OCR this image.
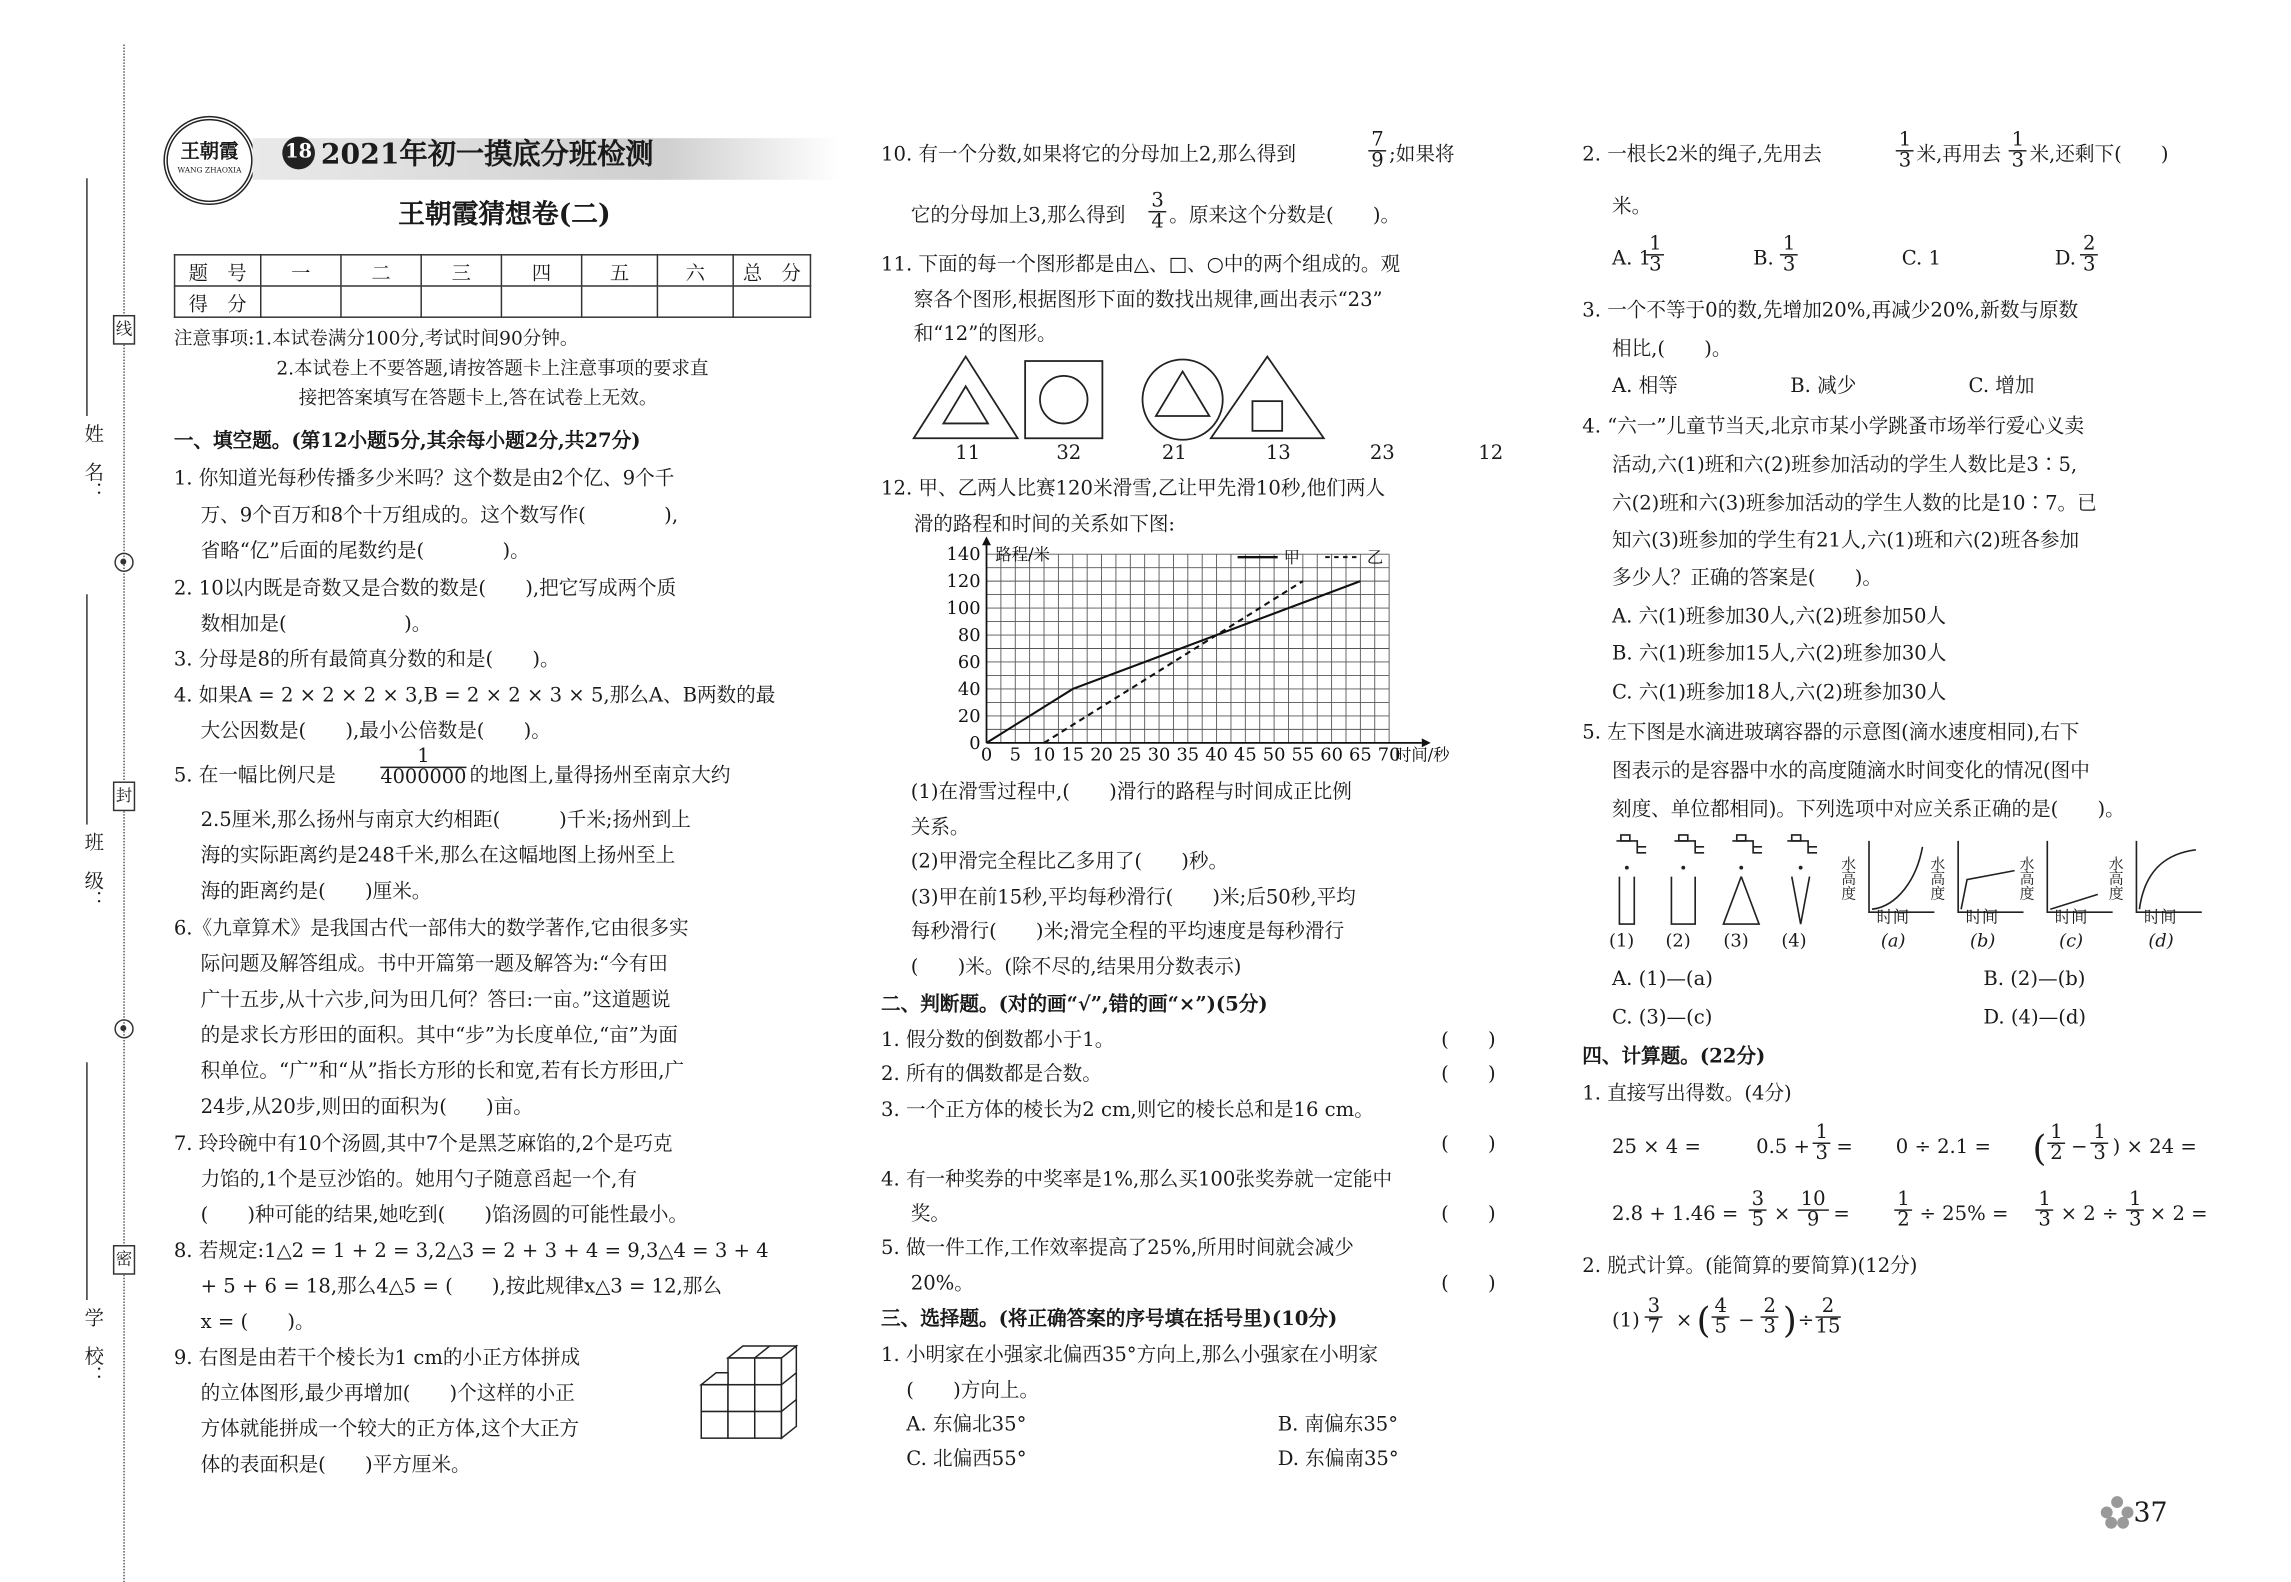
姓　名：
班　级：
学　校：
线
封
密
王朝霞
WANG ZHAOXIA
18 2021年初一摸底分班检测
王朝霞猜想卷(二)
题　号	一	二	三	四	五	六	总　分
得　分							
注意事项:1.本试卷满分100分,考试时间90分钟。
2.本试卷上不要答题,请按答题卡上注意事项的要求直
接把答案填写在答题卡上,答在试卷上无效。
一、填空题。(第12小题5分,其余每小题2分,共27分)
1. 你知道光每秒传播多少米吗？这个数是由2个亿、9个千
万、9个百万和8个十万组成的。这个数写作(　　　　),
省略“亿”后面的尾数约是(　　　　)。
2. 10以内既是奇数又是合数的数是(　　),把它写成两个质
数相加是(　　　　　　)。
3. 分母是8的所有最简真分数的和是(　　)。
4. 如果A = 2 × 2 × 2 × 3,B = 2 × 2 × 3 × 5,那么A、B两数的最
大公因数是(　　),最小公倍数是(　　)。
5. 在一幅比例尺是	$\frac{1}{4000000}$ 的地图上,量得扬州至南京大约
2.5厘米,那么扬州与南京大约相距(　　　)千米;扬州到上
海的实际距离约是248千米,那么在这幅地图上扬州至上
海的距离约是(　　)厘米。
6.《九章算术》是我国古代一部伟大的数学著作,它由很多实
际问题及解答组成。书中开篇第一题及解答为:“今有田
广十五步,从十六步,问为田几何？答曰:一亩。”这道题说
的是求长方形田的面积。其中“步”为长度单位,“亩”为面
积单位。“广”和“从”指长方形的长和宽,若有长方形田,广
24步,从20步,则田的面积为(　　)亩。
7. 玲玲碗中有10个汤圆,其中7个是黑芝麻馅的,2个是巧克
力馅的,1个是豆沙馅的。她用勺子随意舀起一个,有
(　　)种可能的结果,她吃到(　　)馅汤圆的可能性最小。
8. 若规定:1△2 = 1 + 2 = 3,2△3 = 2 + 3 + 4 = 9,3△4 = 3 + 4
+ 5 + 6 = 18,那么4△5 = (　　),按此规律x△3 = 12,那么
x = (　　)。
9. 右图是由若干个棱长为1 cm的小正方体拼成
的立体图形,最少再增加(　　)个这样的小正
方体就能拼成一个较大的正方体,这个大正方
体的表面积是(　　)平方厘米。
10. 有一个分数,如果将它的分母加上2,那么得到	$\frac{7}{9}$ ;如果将
它的分母加上3,那么得到 $\frac{3}{4}$ 。原来这个分数是(　　)。
11. 下面的每一个图形都是由△、□、○中的两个组成的。观
察各个图形,根据图形下面的数找出规律,画出表示“23”
和“12”的图形。
11	32	21	13	23	12
12. 甲、乙两人比赛120米滑雪,乙让甲先滑10秒,他们两人
滑的路程和时间的关系如下图:
0 5 10 15 20 25 30 35 40 45 50 55 60 65 70
0
20
40
60
80
100
120
140 路程/米
时间/秒
甲	乙
(1)在滑雪过程中,(　　)滑行的路程与时间成正比例
关系。
(2)甲滑完全程比乙多用了(　　)秒。
(3)甲在前15秒,平均每秒滑行(　　)米;后50秒,平均
每秒滑行(　　)米;滑完全程的平均速度是每秒滑行
(　　)米。(除不尽的,结果用分数表示)
二、判断题。(对的画“√”,错的画“×”)(5分)
1. 假分数的倒数都小于1。	(　　)
2. 所有的偶数都是合数。	(　　)
3. 一个正方体的棱长为2 cm,则它的棱长总和是16 cm。
(　　)
4. 有一种奖券的中奖率是1%,那么买100张奖券就一定能中
奖。	(　　)
5. 做一件工作,工作效率提高了25%,所用时间就会减少
20%。	(　　)
三、选择题。(将正确答案的序号填在括号里)(10分)
1. 小明家在小强家北偏西35°方向上,那么小强家在小明家
(　　)方向上。
A. 东偏北35°	B. 南偏东35°
C. 北偏西55°	D. 东偏南35°
2. 一根长2米的绳子,先用去	$\frac{1}{3}$ 米,再用去 $\frac{1}{3}$ 米,还剩下(　　)
米。
A. 1
$\frac{1}{3}$	B. $\frac{1}{3}$	C. 1	D. $\frac{2}{3}$
3. 一个不等于0的数,先增加20%,再减少20%,新数与原数
相比,(　　)。
A. 相等	B. 减少	C. 增加
4. “六一”儿童节当天,北京市某小学跳蚤市场举行爱心义卖
活动,六(1)班和六(2)班参加活动的学生人数比是3∶5,
六(2)班和六(3)班参加活动的学生人数的比是10∶7。已
知六(3)班参加的学生有21人,六(1)班和六(2)班各参加
多少人？正确的答案是(　　)。
A. 六(1)班参加30人,六(2)班参加50人
B. 六(1)班参加15人,六(2)班参加30人
C. 六(1)班参加18人,六(2)班参加30人
5. 左下图是水滴进玻璃容器的示意图(滴水速度相同),右下
图表示的是容器中水的高度随滴水时间变化的情况(图中
刻度、单位都相同)。下列选项中对应关系正确的是(　　)。
(1)	(2)	(3)	(4)
水高度	水高度	水高度	水高度
时间	时间	时间	时间
(a)	(b)	(c)	(d)
A. (1)—(a)	B. (2)—(b)
C. (3)—(c)	D. (4)—(d)
四、计算题。(22分)
1. 直接写出得数。(4分)
25 × 4 =	$0.5 + \frac{1}{3}$ =	0 ÷ 2.1 = ( $\frac{1}{2} - \frac{1}{3}$ ) × 24 =
$2.8 + 1.46 = \frac{3}{5} \times \frac{10}{9}$ =	$\frac{1}{2} \div 25\% = \frac{1}{3} \times 2 \div \frac{1}{3} \times 2$ =
2. 脱式计算。(能简算的要简算)(12分)
$(1) \frac{3}{7}$ × ( $\frac{4}{5} - \frac{2}{3}$ ) ÷ $\frac{2}{15}$
37
